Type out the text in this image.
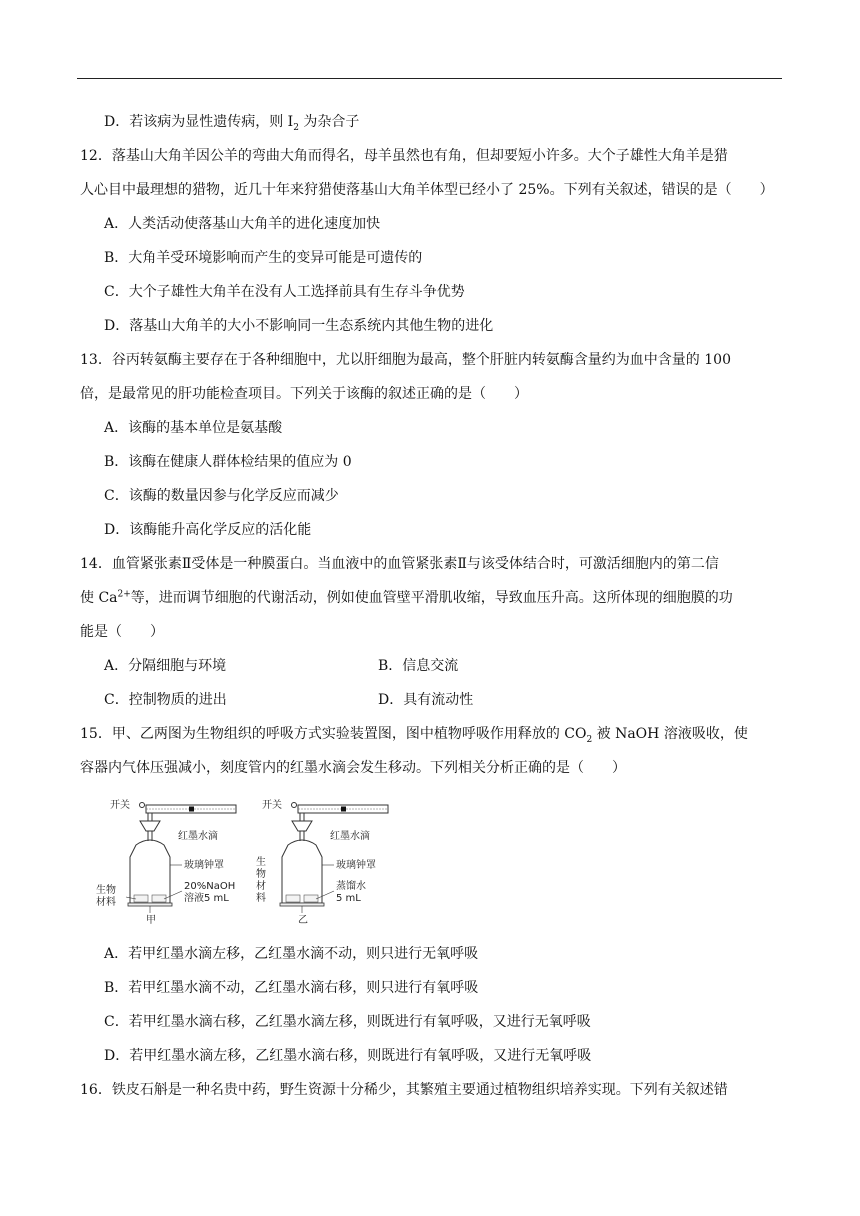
D．若该病为显性遗传病，则 $I_2$ 为杂合子
12．落基山大角羊因公羊的弯曲大角而得名，母羊虽然也有角，但却要短小许多。大个子雄性大角羊是猎
人心目中最理想的猎物，近几十年来狩猎使落基山大角羊体型已经小了 25%。下列有关叙述，错误的是（　　）
A．人类活动使落基山大角羊的进化速度加快
B．大角羊受环境影响而产生的变异可能是可遗传的
C．大个子雄性大角羊在没有人工选择前具有生存斗争优势
D．落基山大角羊的大小不影响同一生态系统内其他生物的进化
13．谷丙转氨酶主要存在于各种细胞中，尤以肝细胞为最高，整个肝脏内转氨酶含量约为血中含量的 100
倍，是最常见的肝功能检查项目。下列关于该酶的叙述正确的是（　　）
A．该酶的基本单位是氨基酸
B．该酶在健康人群体检结果的值应为 0
C．该酶的数量因参与化学反应而减少
D．该酶能升高化学反应的活化能
14．血管紧张素Ⅱ受体是一种膜蛋白。当血液中的血管紧张素Ⅱ与该受体结合时，可激活细胞内的第二信
使 $Ca^{2+}$等，进而调节细胞的代谢活动，例如使血管壁平滑肌收缩，导致血压升高。这所体现的细胞膜的功
能是（　　）
A．分隔细胞与环境	B．信息交流
C．控制物质的进出	D．具有流动性
15．甲、乙两图为生物组织的呼吸方式实验装置图，图中植物呼吸作用释放的 $CO_2$ 被 NaOH 溶液吸收，使
容器内气体压强减小，刻度管内的红墨水滴会发生移动。下列相关分析正确的是（　　）
A．若甲红墨水滴左移，乙红墨水滴不动，则只进行无氧呼吸
B．若甲红墨水滴不动，乙红墨水滴右移，则只进行有氧呼吸
C．若甲红墨水滴右移，乙红墨水滴左移，则既进行有氧呼吸，又进行无氧呼吸
D．若甲红墨水滴左移，乙红墨水滴右移，则既进行有氧呼吸，又进行无氧呼吸
16．铁皮石斛是一种名贵中药，野生资源十分稀少，其繁殖主要通过植物组织培养实现。下列有关叙述错
开关
红墨水滴
玻璃钟罩
生物
材料
20%NaOH
溶液5 mL
甲
开关
红墨水滴
玻璃钟罩
生
物
材
料
蒸馏水
5 mL
乙
